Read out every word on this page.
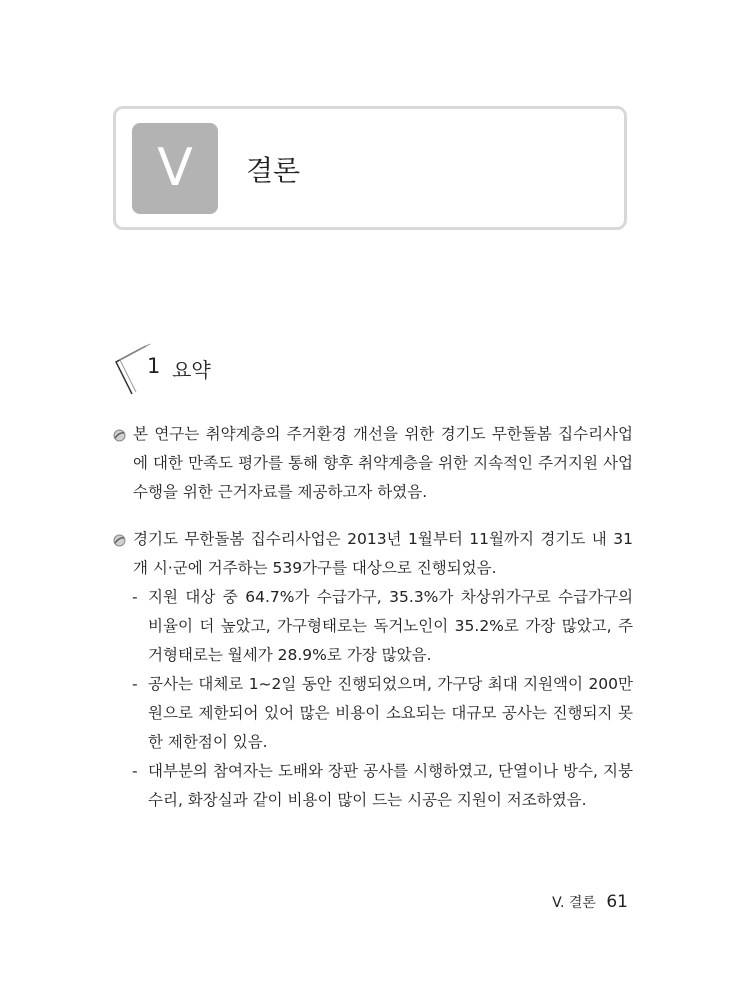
V	결론
1 요약
본 연구는 취약계층의 주거환경 개선을 위한 경기도 무한돌봄 집수리사업에 대한 만족도 평가를 통해 향후 취약계층을 위한 지속적인 주거지원 사업 수행을 위한 근거자료를 제공하고자 하였음.
경기도 무한돌봄 집수리사업은 2013년 1월부터 11월까지 경기도 내 31개 시·군에 거주하는 539가구를 대상으로 진행되었음.
- 지원 대상 중 64.7%가 수급가구, 35.3%가 차상위가구로 수급가구의 비율이 더 높았고, 가구형태로는 독거노인이 35.2%로 가장 많았고, 주거형태로는 월세가 28.9%로 가장 많았음.
- 공사는 대체로 1~2일 동안 진행되었으며, 가구당 최대 지원액이 200만원으로 제한되어 있어 많은 비용이 소요되는 대규모 공사는 진행되지 못한 제한점이 있음.
- 대부분의 참여자는 도배와 장판 공사를 시행하였고, 단열이나 방수, 지붕 수리, 화장실과 같이 비용이 많이 드는 시공은 지원이 저조하였음.
V. 결론 61
